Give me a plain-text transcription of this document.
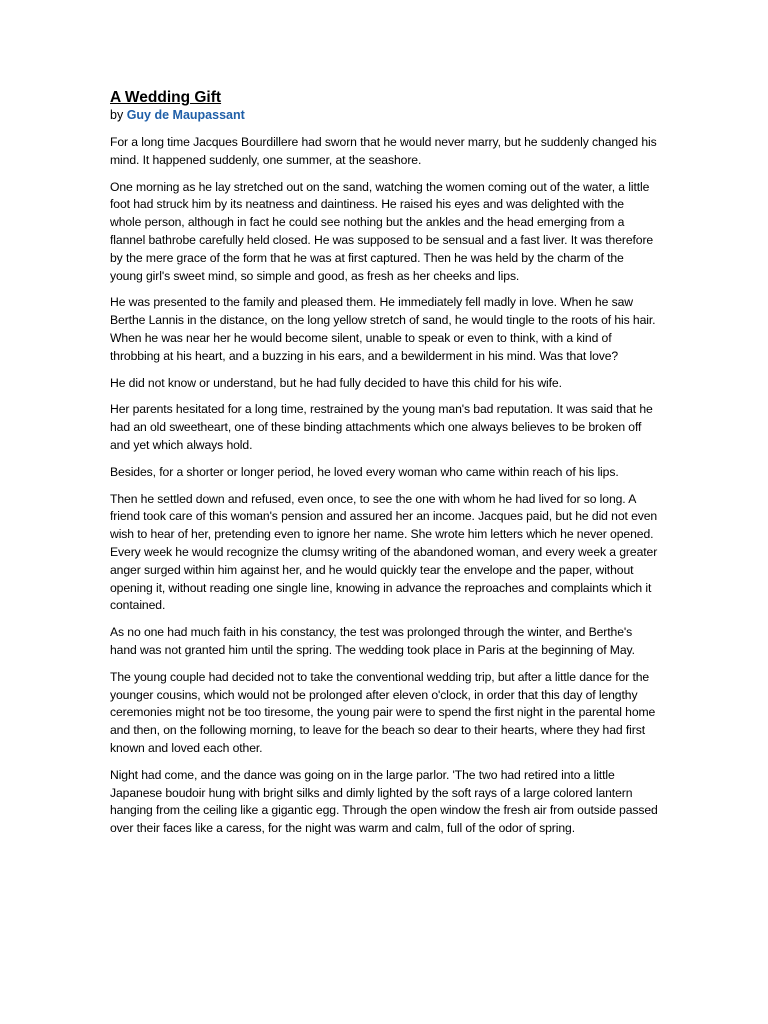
A Wedding Gift

by Guy de Maupassant

For a long time Jacques Bourdillere had sworn that he would never marry, but he suddenly changed his mind. It happened suddenly, one summer, at the seashore.

One morning as he lay stretched out on the sand, watching the women coming out of the water, a little foot had struck him by its neatness and daintiness. He raised his eyes and was delighted with the whole person, although in fact he could see nothing but the ankles and the head emerging from a flannel bathrobe carefully held closed. He was supposed to be sensual and a fast liver. It was therefore by the mere grace of the form that he was at first captured. Then he was held by the charm of the young girl's sweet mind, so simple and good, as fresh as her cheeks and lips.

He was presented to the family and pleased them. He immediately fell madly in love. When he saw Berthe Lannis in the distance, on the long yellow stretch of sand, he would tingle to the roots of his hair. When he was near her he would become silent, unable to speak or even to think, with a kind of throbbing at his heart, and a buzzing in his ears, and a bewilderment in his mind. Was that love?

He did not know or understand, but he had fully decided to have this child for his wife.

Her parents hesitated for a long time, restrained by the young man's bad reputation. It was said that he had an old sweetheart, one of these binding attachments which one always believes to be broken off and yet which always hold.

Besides, for a shorter or longer period, he loved every woman who came within reach of his lips.

Then he settled down and refused, even once, to see the one with whom he had lived for so long. A friend took care of this woman's pension and assured her an income. Jacques paid, but he did not even wish to hear of her, pretending even to ignore her name. She wrote him letters which he never opened. Every week he would recognize the clumsy writing of the abandoned woman, and every week a greater anger surged within him against her, and he would quickly tear the envelope and the paper, without opening it, without reading one single line, knowing in advance the reproaches and complaints which it contained.

As no one had much faith in his constancy, the test was prolonged through the winter, and Berthe's hand was not granted him until the spring. The wedding took place in Paris at the beginning of May.

The young couple had decided not to take the conventional wedding trip, but after a little dance for the younger cousins, which would not be prolonged after eleven o'clock, in order that this day of lengthy ceremonies might not be too tiresome, the young pair were to spend the first night in the parental home and then, on the following morning, to leave for the beach so dear to their hearts, where they had first known and loved each other.

Night had come, and the dance was going on in the large parlor. 'The two had retired into a little Japanese boudoir hung with bright silks and dimly lighted by the soft rays of a large colored lantern hanging from the ceiling like a gigantic egg. Through the open window the fresh air from outside passed over their faces like a caress, for the night was warm and calm, full of the odor of spring.
